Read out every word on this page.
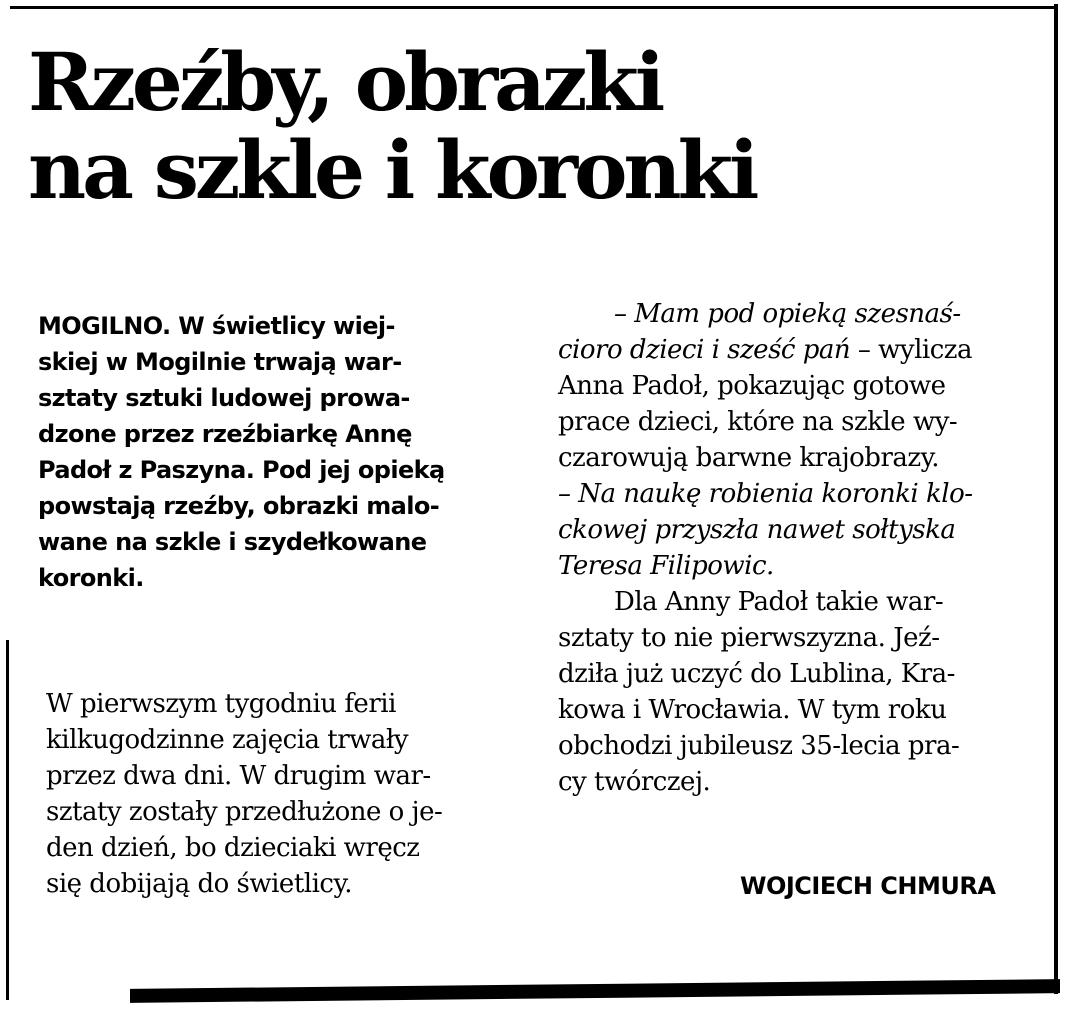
Rzeźby, obrazki
na szkle i koronki

MOGILNO. W świetlicy wiej-
skiej w Mogilnie trwają war-
sztaty sztuki ludowej prowa-
dzone przez rzeźbiarkę Annę
Padoł z Paszyna. Pod jej opieką
powstają rzeźby, obrazki malo-
wane na szkle i szydełkowane
koronki.

W pierwszym tygodniu ferii
kilkugodzinne zajęcia trwały
przez dwa dni. W drugim war-
sztaty zostały przedłużone o je-
den dzień, bo dzieciaki wręcz
się dobijają do świetlicy.
– Mam pod opieką szesnaś-
cioro dzieci i sześć pań – wylicza
Anna Padoł, pokazując gotowe
prace dzieci, które na szkle wy-
czarowują barwne krajobrazy.
– Na naukę robienia koronki klo-
ckowej przyszła nawet sołtyska
Teresa Filipowic.
Dla Anny Padoł takie war-
sztaty to nie pierwszyzna. Jeź-
dziła już uczyć do Lublina, Kra-
kowa i Wrocławia. W tym roku
obchodzi jubileusz 35-lecia pra-
cy twórczej.

WOJCIECH CHMURA
